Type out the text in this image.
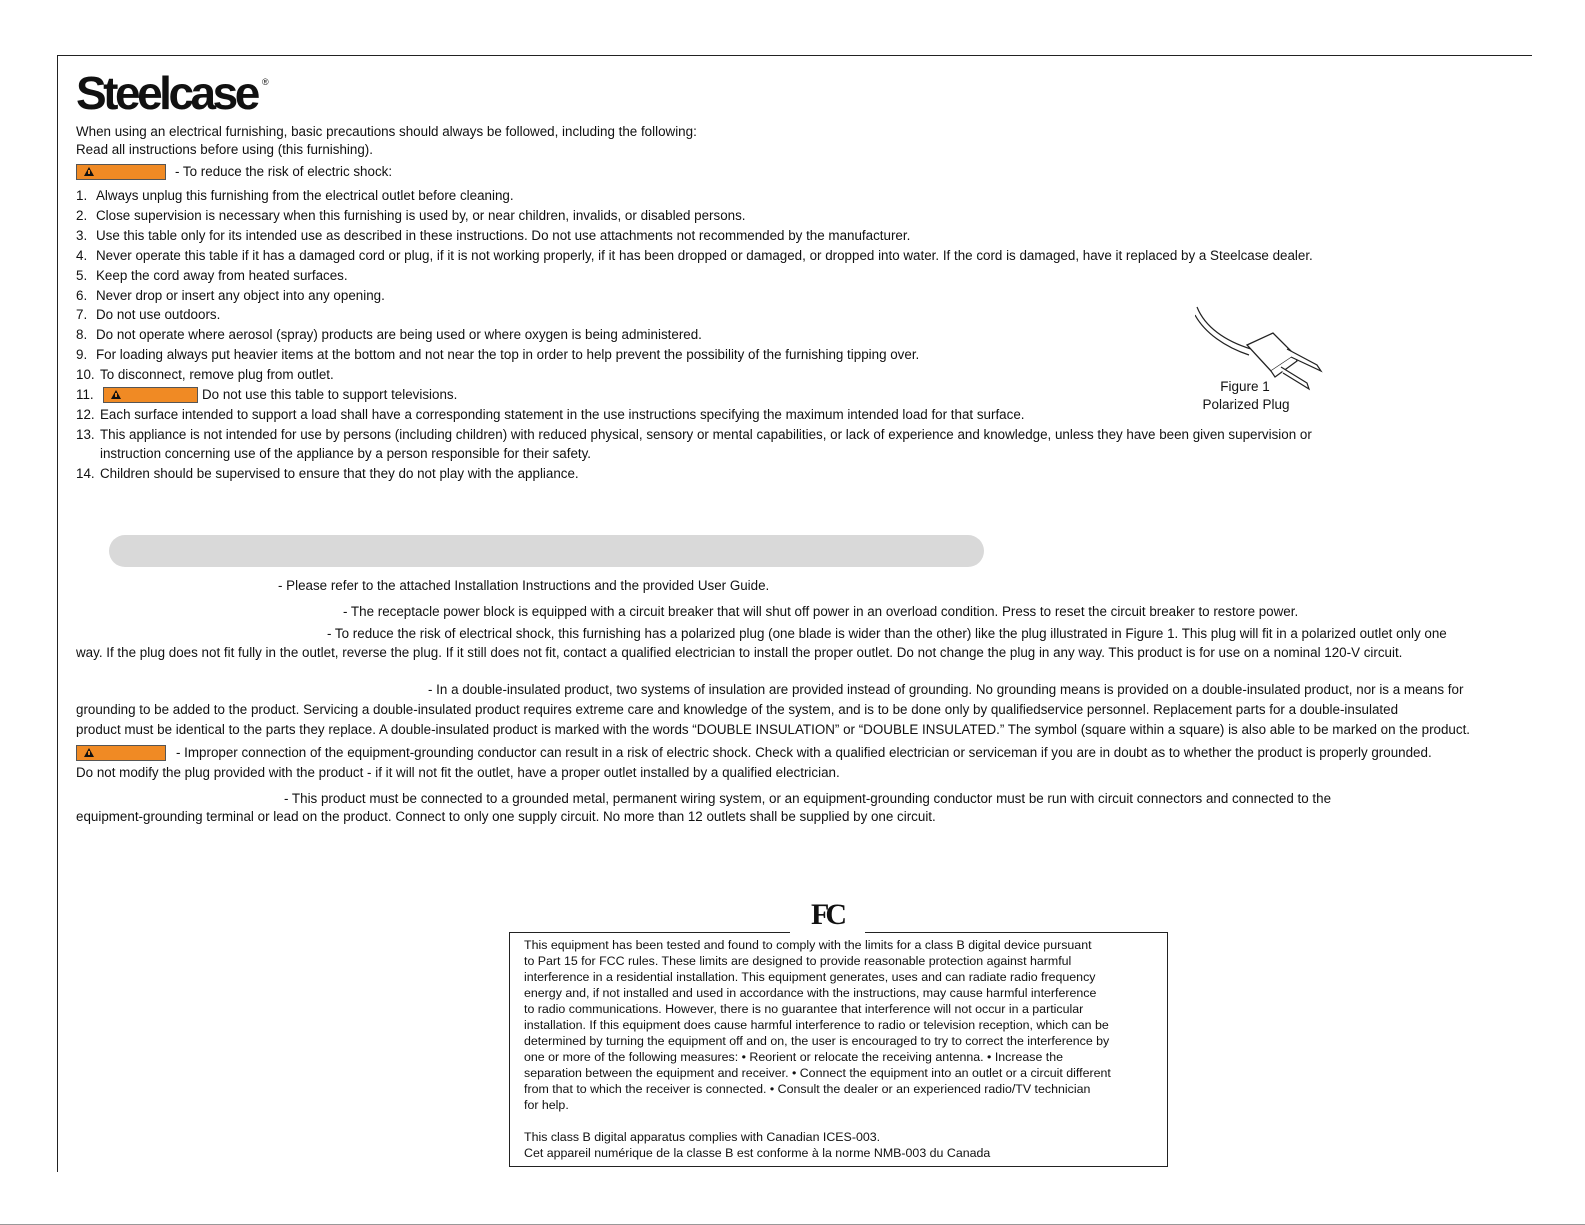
Steelcase ®
When using an electrical furnishing, basic precautions should always be followed, including the following:
Read all instructions before using (this furnishing).
- To reduce the risk of electric shock:
1. Always unplug this furnishing from the electrical outlet before cleaning.
2. Close supervision is necessary when this furnishing is used by, or near children, invalids, or disabled persons.
3. Use this table only for its intended use as described in these instructions. Do not use attachments not recommended by the manufacturer.
4. Never operate this table if it has a damaged cord or plug, if it is not working properly, if it has been dropped or damaged, or dropped into water. If the cord is damaged, have it replaced by a Steelcase dealer.
5. Keep the cord away from heated surfaces.
6. Never drop or insert any object into any opening.
7. Do not use outdoors.
8. Do not operate where aerosol (spray) products are being used or where oxygen is being administered.
9. For loading always put heavier items at the bottom and not near the top in order to help prevent the possibility of the furnishing tipping over.
10. To disconnect, remove plug from outlet.
11.	Do not use this table to support televisions.
12. Each surface intended to support a load shall have a corresponding statement in the use instructions specifying the maximum intended load for that surface.
13. This appliance is not intended for use by persons (including children) with reduced physical, sensory or mental capabilities, or lack of experience and knowledge, unless they have been given supervision or
instruction concerning use of the appliance by a person responsible for their safety.
14. Children should be supervised to ensure that they do not play with the appliance.
Figure 1
Polarized Plug
- Please refer to the attached Installation Instructions and the provided User Guide.
- The receptacle power block is equipped with a circuit breaker that will shut off power in an overload condition. Press to reset the circuit breaker to restore power.
- To reduce the risk of electrical shock, this furnishing has a polarized plug (one blade is wider than the other) like the plug illustrated in Figure 1. This plug will fit in a polarized outlet only one
way. If the plug does not fit fully in the outlet, reverse the plug. If it still does not fit, contact a qualified electrician to install the proper outlet. Do not change the plug in any way. This product is for use on a nominal 120-V circuit.
- In a double-insulated product, two systems of insulation are provided instead of grounding. No grounding means is provided on a double-insulated product, nor is a means for
grounding to be added to the product. Servicing a double-insulated product requires extreme care and knowledge of the system, and is to be done only by qualifiedservice personnel. Replacement parts for a double-insulated
product must be identical to the parts they replace. A double-insulated product is marked with the words “DOUBLE INSULATION” or “DOUBLE INSULATED.” The symbol (square within a square) is also able to be marked on the product.
- Improper connection of the equipment-grounding conductor can result in a risk of electric shock. Check with a qualified electrician or serviceman if you are in doubt as to whether the product is properly grounded.
Do not modify the plug provided with the product - if it will not fit the outlet, have a proper outlet installed by a qualified electrician.
- This product must be connected to a grounded metal, permanent wiring system, or an equipment-grounding conductor must be run with circuit connectors and connected to the
equipment-grounding terminal or lead on the product. Connect to only one supply circuit. No more than 12 outlets shall be supplied by one circuit.
FC

This equipment has been tested and found to comply with the limits for a class B digital device pursuant

to Part 15 for FCC rules. These limits are designed to provide reasonable protection against harmful

interference in a residential installation. This equipment generates, uses and can radiate radio frequency

energy and, if not installed and used in accordance with the instructions, may cause harmful interference

to radio communications. However, there is no guarantee that interference will not occur in a particular

installation. If this equipment does cause harmful interference to radio or television reception, which can be

determined by turning the equipment off and on, the user is encouraged to try to correct the interference by

one or more of the following measures: • Reorient or relocate the receiving antenna. • Increase the

separation between the equipment and receiver. • Connect the equipment into an outlet or a circuit different

from that to which the receiver is connected. • Consult the dealer or an experienced radio/TV technician

for help.

This class B digital apparatus complies with Canadian ICES-003.

Cet appareil numérique de la classe B est conforme à la norme NMB-003 du Canada
